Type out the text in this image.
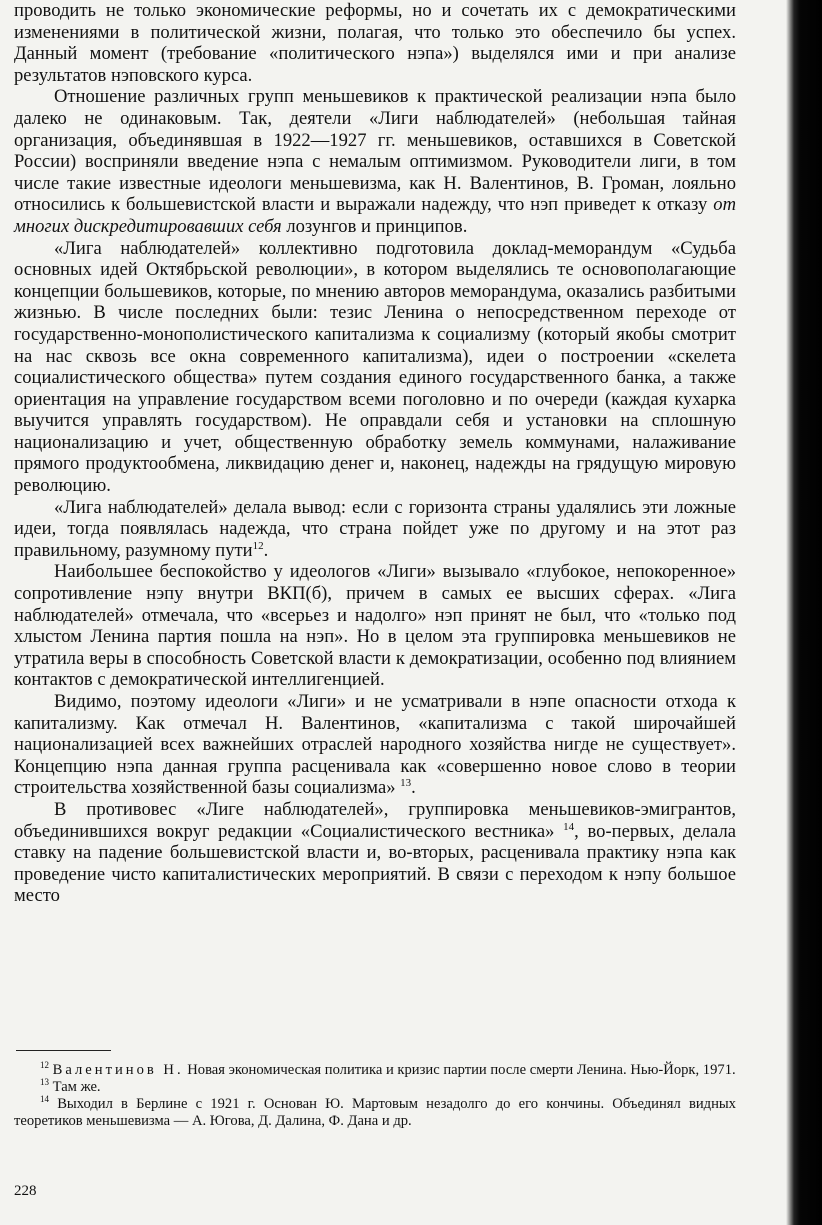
проводить не только экономические реформы, но и сочетать их с демократическими изменениями в политической жизни, полагая, что только это обеспечило бы успех. Данный момент (требование «политического нэпа») выделялся ими и при анализе результатов нэповского курса.

Отношение различных групп меньшевиков к практической реализации нэпа было далеко не одинаковым. Так, деятели «Лиги наблюдателей» (небольшая тайная организация, объединявшая в 1922—1927 гг. меньшевиков, оставшихся в Советской России) восприняли введение нэпа с немалым оптимизмом. Руководители лиги, в том числе такие известные идеологи меньшевизма, как Н. Валентинов, В. Громан, лояльно относились к большевистской власти и выражали надежду, что нэп приведет к отказу от многих дискредитировавших себя лозунгов и принципов.

«Лига наблюдателей» коллективно подготовила доклад-меморандум «Судьба основных идей Октябрьской революции», в котором выделялись те основополагающие концепции большевиков, которые, по мнению авторов меморандума, оказались разбитыми жизнью. В числе последних были: тезис Ленина о непосредственном переходе от государственно-монополистического капитализма к социализму (который якобы смотрит на нас сквозь все окна современного капитализма), идеи о построении «скелета социалистического общества» путем создания единого государственного банка, а также ориентация на управление государством всеми поголовно и по очереди (каждая кухарка выучится управлять государством). Не оправдали себя и установки на сплошную национализацию и учет, общественную обработку земель коммунами, налаживание прямого продуктообмена, ликвидацию денег и, наконец, надежды на грядущую мировую революцию.

«Лига наблюдателей» делала вывод: если с горизонта страны удалялись эти ложные идеи, тогда появлялась надежда, что страна пойдет уже по другому и на этот раз правильному, разумному пути$^{12}$.

Наибольшее беспокойство у идеологов «Лиги» вызывало «глубокое, непокоренное» сопротивление нэпу внутри ВКП(б), причем в самых ее высших сферах. «Лига наблюдателей» отмечала, что «всерьез и надолго» нэп принят не был, что «только под хлыстом Ленина партия пошла на нэп». Но в целом эта группировка меньшевиков не утратила веры в способность Советской власти к демократизации, особенно под влиянием контактов с демократической интеллигенцией.

Видимо, поэтому идеологи «Лиги» и не усматривали в нэпе опасности отхода к капитализму. Как отмечал Н. Валентинов, «капитализма с такой широчайшей национализацией всех важнейших отраслей народного хозяйства нигде не существует». Концепцию нэпа данная группа расценивала как «совершенно новое слово в теории строительства хозяйственной базы социализма» $^{13}$.

В противовес «Лиге наблюдателей», группировка меньшевиков-эмигрантов, объединившихся вокруг редакции «Социалистического вестника» $^{14}$, во-первых, делала ставку на падение большевистской власти и, во-вторых, расценивала практику нэпа как проведение чисто капиталистических мероприятий. В связи с переходом к нэпу большое место

$^{12}$ Валентинов Н. Новая экономическая политика и кризис партии после смерти Ленина. Нью-Йорк, 1971.

$^{13}$ Там же.

$^{14}$ Выходил в Берлине с 1921 г. Основан Ю. Мартовым незадолго до его кончины. Объединял видных теоретиков меньшевизма — А. Югова, Д. Далина, Ф. Дана и др.

228
